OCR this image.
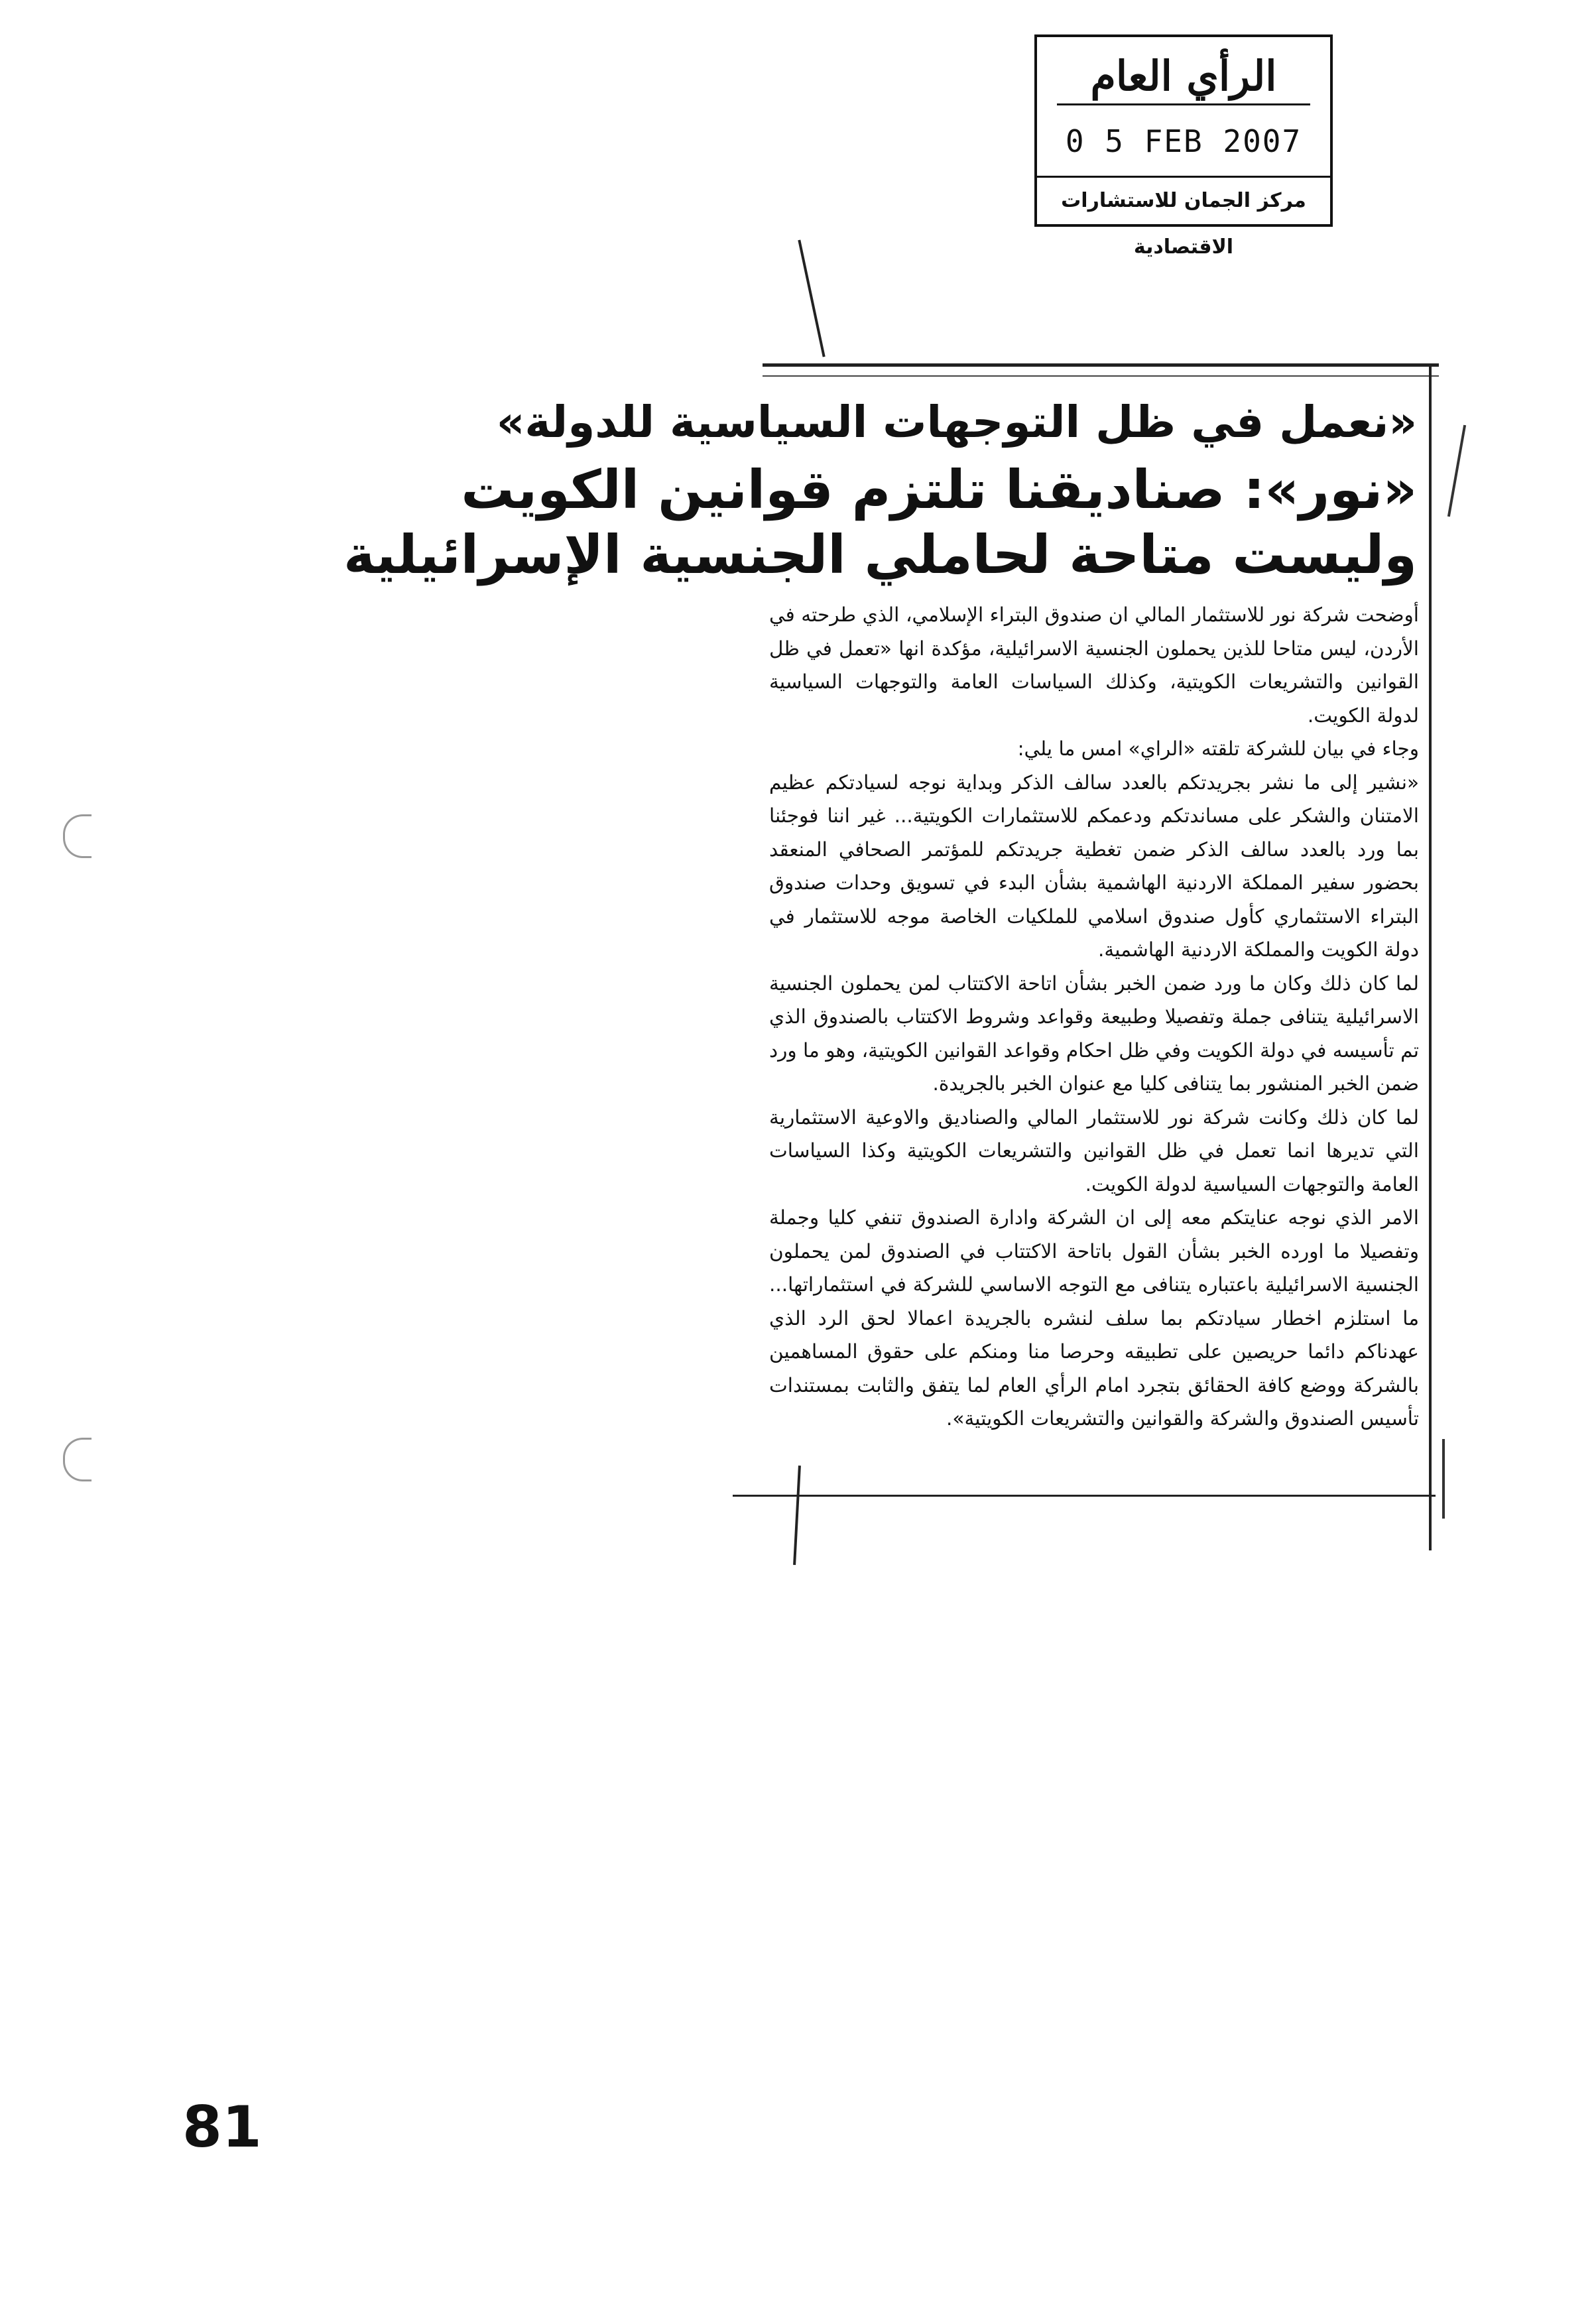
الرأي العام
0 5 FEB 2007
مركز الجمان للاستشارات الاقتصادية
«نعمل في ظل التوجهات السياسية للدولة»
«نور»: صناديقنا تلتزم قوانين الكويت
وليست متاحة لحاملي الجنسية الإسرائيلية

أوضحت شركة نور للاستثمار المالي ان صندوق البتراء الإسلامي، الذي طرحته في الأردن، ليس متاحا للذين يحملون الجنسية الاسرائيلية، مؤكدة انها «تعمل في ظل القوانين والتشريعات الكويتية، وكذلك السياسات العامة والتوجهات السياسية لدولة الكويت.

وجاء في بيان للشركة تلقته «الراي» امس ما يلي:

«نشير إلى ما نشر بجريدتكم بالعدد سالف الذكر وبداية نوجه لسيادتكم عظيم الامتنان والشكر على مساندتكم ودعمكم للاستثمارات الكويتية... غير اننا فوجئنا بما ورد بالعدد سالف الذكر ضمن تغطية جريدتكم للمؤتمر الصحافي المنعقد بحضور سفير المملكة الاردنية الهاشمية بشأن البدء في تسويق وحدات صندوق البتراء الاستثماري كأول صندوق اسلامي للملكيات الخاصة موجه للاستثمار في دولة الكويت والمملكة الاردنية الهاشمية.

لما كان ذلك وكان ما ورد ضمن الخبر بشأن اتاحة الاكتتاب لمن يحملون الجنسية الاسرائيلية يتنافى جملة وتفصيلا وطبيعة وقواعد وشروط الاكتتاب بالصندوق الذي تم تأسيسه في دولة الكويت وفي ظل احكام وقواعد القوانين الكويتية، وهو ما ورد ضمن الخبر المنشور بما يتنافى كليا مع عنوان الخبر بالجريدة.

لما كان ذلك وكانت شركة نور للاستثمار المالي والصناديق والاوعية الاستثمارية التي تديرها انما تعمل في ظل القوانين والتشريعات الكويتية وكذا السياسات العامة والتوجهات السياسية لدولة الكويت.

الامر الذي نوجه عنايتكم معه إلى ان الشركة وادارة الصندوق تنفي كليا وجملة وتفصيلا ما اورده الخبر بشأن القول باتاحة الاكتتاب في الصندوق لمن يحملون الجنسية الاسرائيلية باعتباره يتنافى مع التوجه الاساسي للشركة في استثماراتها... ما استلزم اخطار سيادتكم بما سلف لنشره بالجريدة اعمالا لحق الرد الذي عهدناكم دائما حريصين على تطبيقه وحرصا منا ومنكم على حقوق المساهمين بالشركة ووضع كافة الحقائق بتجرد امام الرأي العام لما يتفق والثابت بمستندات تأسيس الصندوق والشركة والقوانين والتشريعات الكويتية».

81
